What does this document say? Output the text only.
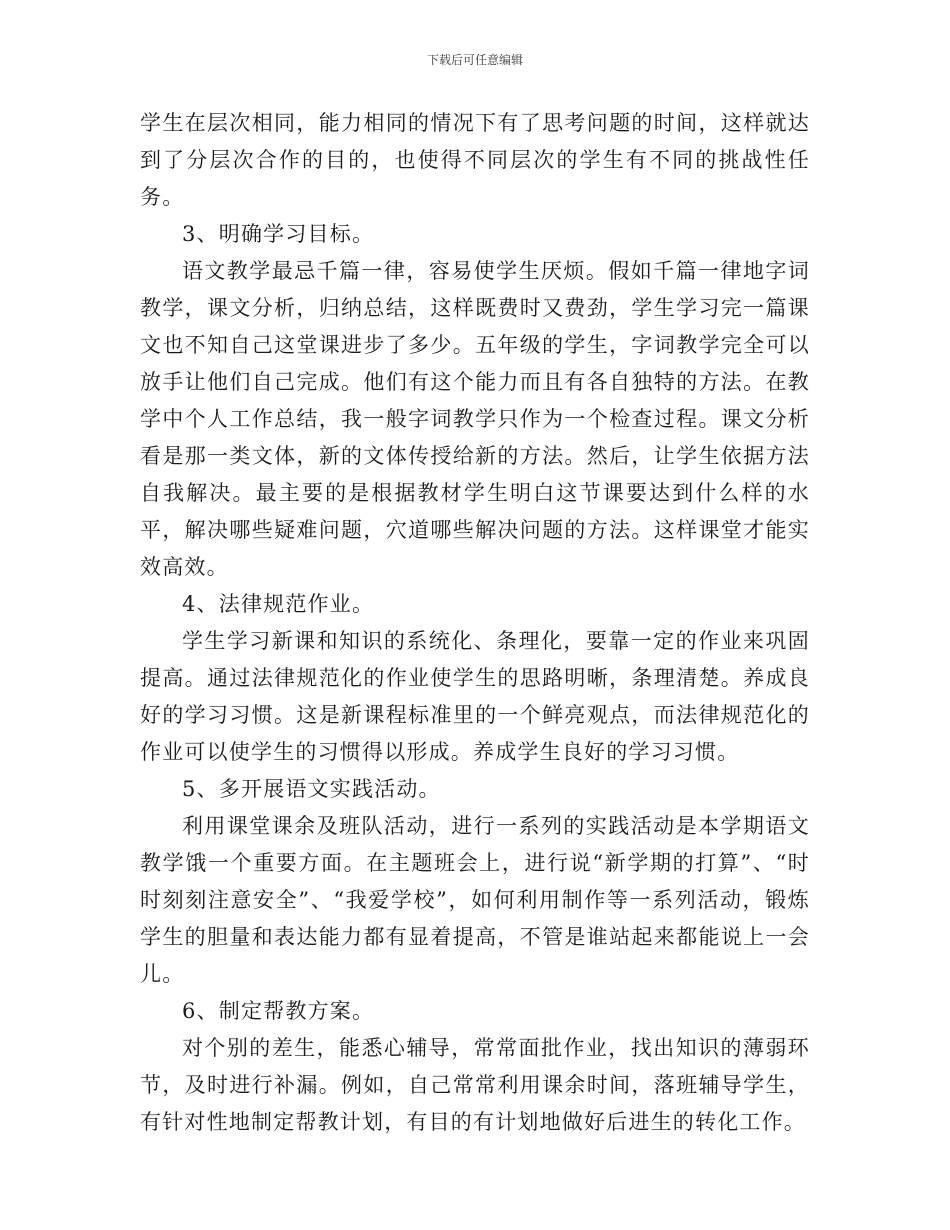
下载后可任意编辑

学生在层次相同，能力相同的情况下有了思考问题的时间，这样就达到了分层次合作的目的，也使得不同层次的学生有不同的挑战性任务。

3、明确学习目标。

语文教学最忌千篇一律，容易使学生厌烦。假如千篇一律地字词教学，课文分析，归纳总结，这样既费时又费劲，学生学习完一篇课文也不知自己这堂课进步了多少。五年级的学生，字词教学完全可以放手让他们自己完成。他们有这个能力而且有各自独特的方法。在教学中个人工作总结，我一般字词教学只作为一个检查过程。课文分析看是那一类文体，新的文体传授给新的方法。然后，让学生依据方法自我解决。最主要的是根据教材学生明白这节课要达到什么样的水平，解决哪些疑难问题，穴道哪些解决问题的方法。这样课堂才能实效高效。

4、法律规范作业。

学生学习新课和知识的系统化、条理化，要靠一定的作业来巩固提高。通过法律规范化的作业使学生的思路明晰，条理清楚。养成良好的学习习惯。这是新课程标准里的一个鲜亮观点，而法律规范化的作业可以使学生的习惯得以形成。养成学生良好的学习习惯。

5、多开展语文实践活动。

利用课堂课余及班队活动，进行一系列的实践活动是本学期语文教学饿一个重要方面。在主题班会上，进行说“新学期的打算”、“时时刻刻注意安全”、“我爱学校”，如何利用制作等一系列活动，锻炼学生的胆量和表达能力都有显着提高，不管是谁站起来都能说上一会儿。

6、制定帮教方案。

对个别的差生，能悉心辅导，常常面批作业，找出知识的薄弱环节，及时进行补漏。例如，自己常常利用课余时间，落班辅导学生，有针对性地制定帮教计划，有目的有计划地做好后进生的转化工作。
